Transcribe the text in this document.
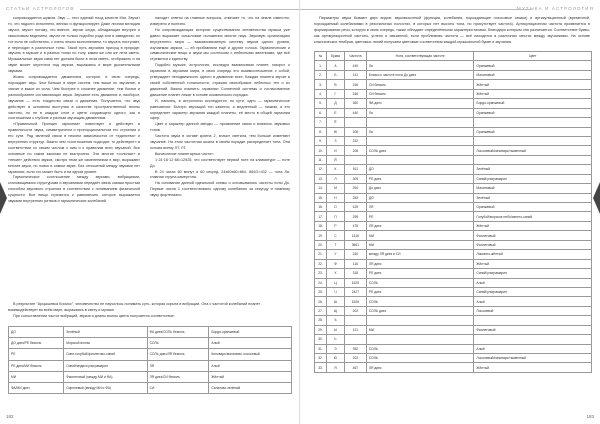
СТАТЬИ АСТРОЛОГОВ

сопровождается шумом. Звук — этот единый плод качеств Маг. Звучит то, что надолго исполнено, велико и функционирует. Даже личная мелодия звучит, звучит потому, что вместе, звучат когда, обладающие внутрен и смысловым ведением, звучат не только подобно рода или в заведении, но тот если не собственно, с очень нежно выполнением, то звучать поступает, и переходят в различные типы. Такой путь звучания присущ в природе: звучать в музыке и в разных тонах по тону, каким же или же лети иметь. Музыкальные звуки сами нет должна были в этом иметь, отображать и на звуке может опустится под звуком, выражаясь в мире дыхательными звуками.

Жизнь сопровождается движением, которое, в свою очередь, порождает звук. Чем больше в мире систем, тем выше их звучание, а значит и выше их сила. Чем быстрее и сложнее движение, тем богаче и разнообразнее составляющие звука. Звучание есть движение и, наоборот, звучание — есть тождество связи и движения. Получается, что звук действует в основном выступая в качестве пространственной волны частоты, но не в каждом слое и цвете создающего одного, как в соотношении к глубине и разным звучащим движениям.

«Правильный Принцип гармонии» повествует и действует в правильности звука, симметричном и пропорциональном его строении и его сути. Ряд явлений связи в некоем зависимостях от «единства» и внутренних структур. Важно чем «соотношения подходят, то действуют» в соответствии со своим числом к ним и к правилам всех звучаний. Все основные по таким законам не выстроены. Эти многие «сольные» и «некие» действия звуков, смотря теми же изменениями в мир, выражают многие звуки, но ловко в самом звуке. Без отношений между звуками нет гармонии, если сто может быть и на одном уровне.

Гармоническое соотношение между звуками, вибрациями, становящимися структурами и звучаниями передаёт связь самым простым способом звукового строения в соответствии с пониманием физической сущности. Все вещи стремятся к равновесию, которое выражается звуками внутренних ритмов и гармонических колебаний.

находит ответы на главные вопросы, отвечает то, что на земле известно, измерено и полезно.

Но сопровождающая историю существования человечества музыка уже давно выражает смысловые положения многих наук. Звуковую организацию внутреннего мира — взаимосвязанную систему звуков одного уровня, изучаемая звуком, — ей прибавляли ещё и другие голоса. Гармонические и символические вещи и звуки мы соотносим с небесными явлениями, где всё стремится к единству.

Подобно музыке, астрология, исследуя взаимосвязи планет, говорит о гармонии в звучании мира, в свою очередь это взаимоотношение с собой, утверждает неподвижность одного в движении всех. Каждая планета звучит в своей собственной тональности, отражая своеобразие небесных тел и их движений. Важно помнить: гармонии Солнечной системы и согласованное движение планет лежат в основе космического порядка.

И, наконец, в астрологии исследуется, по сути, одно — гармоническое равновесие. Быстро звучащий тон кажется, а медленный — низким, и это определяет характер звучания каждой планеты, её место в общей гармонии сфер.

Цвет и характер данной звёзды — проявление связи и влияния, звуковых тонов.

Частота звука в октаве кратна 2, значит светила, тем больше изменяют звучание. На этом частотная шкала в своём порядке распределяет тона. Она основа всему ЛТ. ЛТ.

Вычисление планетарных частот:

1·24·16·12·68=12925, что соответствует первой ноте на клавиатуре — ноте До.

В 24 часах 60 минут и 60 секунд. 24х60х60=864. 864/2=432 — нота Ля, главная струна камертона.

На основании данной идеальной схемы и основывались частоты ноты До. Первые числа 1 соответствовало одному колебанию за секунду и нижнему звуку фортепиано.

В результате "Арцышевка Космос", человечество не научилось понимать суть, которая скрыта в вибрации. Она с частотой колебаний планет взаимодействует во всём мире, выражаясь в свету и музыке.

При сопоставлении частот вибраций, звуков и длины волны цвета получается соответствие:

ДО	Зелёный	ФА диез/СОЛЬ бемоль	Бордо-оранжевый
ДО диез/РЕ бемоль	Морской волны	СОЛЬ	Алый
РЕ	Сине-голубой/фиолетово-синий	СОЛЬ диез/ЛЯ бемоль	Киноварь/малиново-лососевый
РЕ диез/МИ бемоль	Синий/индиго/ультрамарин	ЛЯ	Алый
МИ	Фиолетовый (между МИ и ФА)	ЛЯ диез/СИ бемоль	Жёлтый
ФА/МИ диез	Сиреневый (между МИ и ФА)	СИ	Салатово-зелёный
182
МУЗЫКА И АСТРОЛОГИЯ

Параметры звука бывают двух видов: звуковысотный (функция, колебания, порождающие голосовые связки) и артикуляционный (временной, порождаемый колебаниями в резонансных полостях, в которых нет высоты тона, но присутствует частота). Артикуляционная частота проявляется в формировании речи, которую в свою очередь, также обладает определёнными характеристиками, благодаря которым она различается. Соответствие буквы, как артикуляционной частоты, углено и связанной, если проблемная частота — всё находится в различных местах между звучаниями. На основе классических тембров, цветовых линий получаем цветовые соответствия каждой музыкальной букве и звучания.

№	Буква	Частота	Нота, соответствующая частоте	Цвет
1.	А	440	Ля	Оранжевый
2.	Б	141	Близко к частоте ноты До диез	Малиновый
3.	В	246	СИ бемоль	Жёлтый
4.	Г	246	СИ бемоль	Жёлтый
5.	Д	360	ФА диез	Бордо-оранжевый
6.	Е	440	Ля	Оранжевый
7.	Ё			
8.	Ж	208	Ля	Оранжевый
9.	З	232		
10.	И	208	СОЛЬ диез	Лососевый/киноварь/тыквенный
11.	Й			
12.	К	511	ДО	Зелёный
13.	Л	309	РЕ диез	Синий/ультрамарин
14.	М	294	До диез	Малиновый
15.	Н	253	ДО	Зелёный
16.	О	429	ЛЯ	Оранжевый
17.	П	295	РЕ	Голубой/морское небо/светло-синий
18.	Р	478	ЛЯ диез	Жёлтый
19.	С	1316	МИ	Фиолетовый
20.	Т	3661	МИ	Фиолетовый
21.	У	240	между ЛЯ диез и СИ	Лимонно-жёлтый
22.	Ф	116	ЛЯ диез	Жёлтый
23.	Х	318	РЕ диез	Синий/ультрамарин
24.	Ц	1525	СОЛЬ	Алый
25.	Ч	2427	РЕ диез	Синий/ультрамарин
26.	Ш	1526	СОЛЬ	Алый
27.	Щ	202	СОЛЬ диез	Лососевый
28.	Ъ			
29.	Ы	121	МИ	Фиолетовый
30.	Ь			
31.	Э	392	СОЛЬ	Алый
32.	Ю	202	СОЛЬ	Лососевый/киноварь/тыквенный
33.	Я	467	ЛЯ диез	Жёлтый
183
